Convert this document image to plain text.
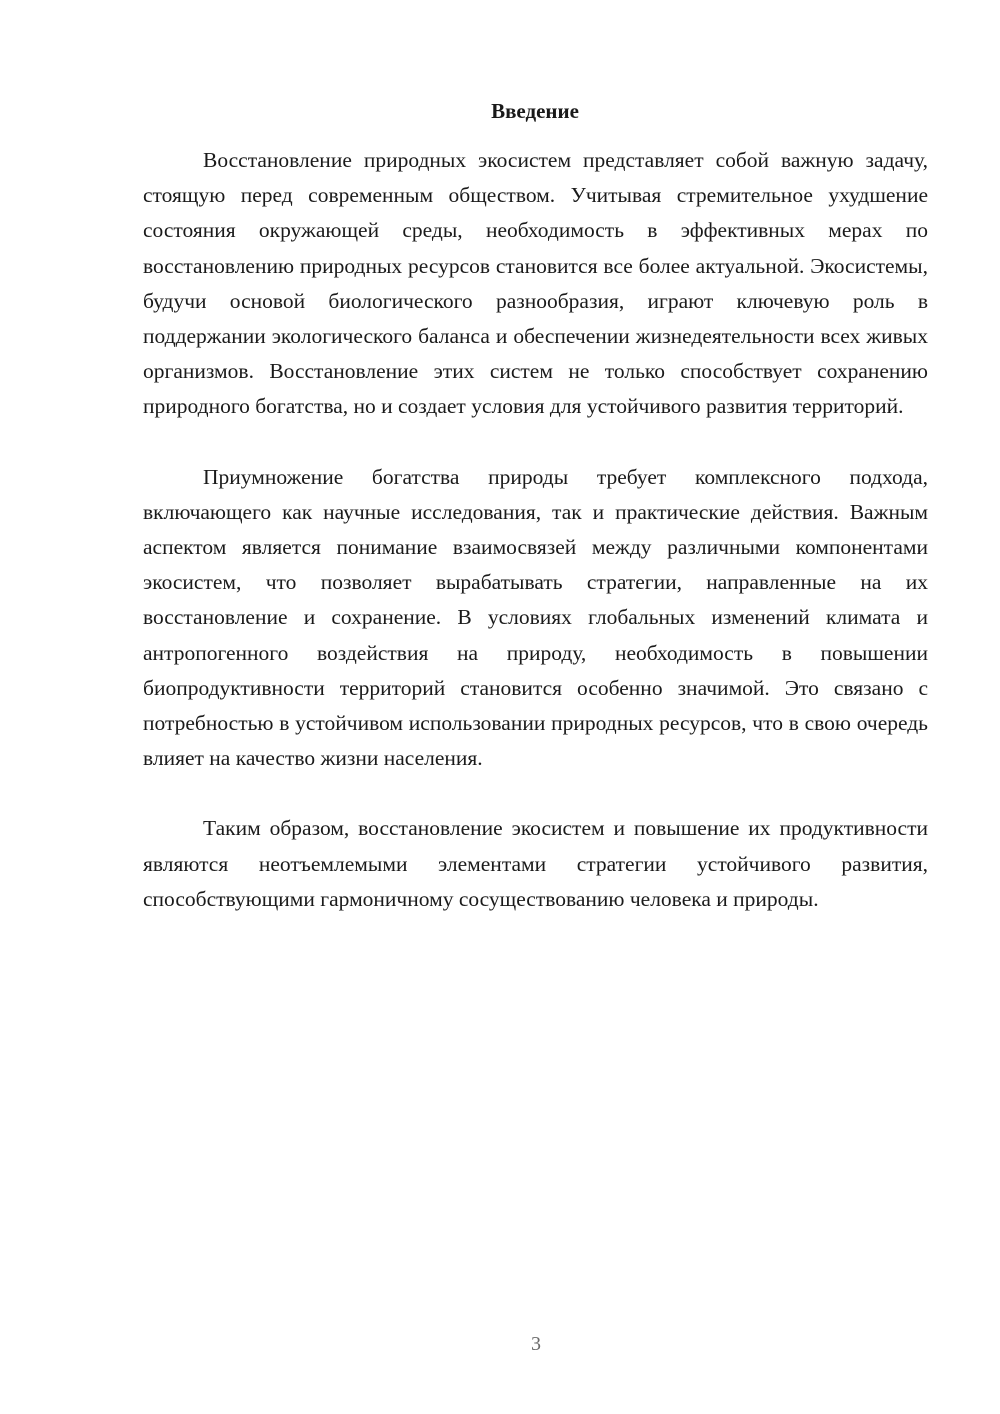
Введение

Восстановление природных экосистем представляет собой важную задачу, стоящую перед современным обществом. Учитывая стремительное ухудшение состояния окружающей среды, необходимость в эффективных мерах по восстановлению природных ресурсов становится все более актуальной. Экосистемы, будучи основой биологического разнообразия, играют ключевую роль в поддержании экологического баланса и обеспечении жизнедеятельности всех живых организмов. Восстановление этих систем не только способствует сохранению природного богатства, но и создает условия для устойчивого развития территорий.

Приумножение богатства природы требует комплексного подхода, включающего как научные исследования, так и практические действия. Важным аспектом является понимание взаимосвязей между различными компонентами экосистем, что позволяет вырабатывать стратегии, направленные на их восстановление и сохранение. В условиях глобальных изменений климата и антропогенного воздействия на природу, необходимость в повышении биопродуктивности территорий становится особенно значимой. Это связано с потребностью в устойчивом использовании природных ресурсов, что в свою очередь влияет на качество жизни населения.

Таким образом, восстановление экосистем и повышение их продуктивности являются неотъемлемыми элементами стратегии устойчивого развития, способствующими гармоничному сосуществованию человека и природы.

3
